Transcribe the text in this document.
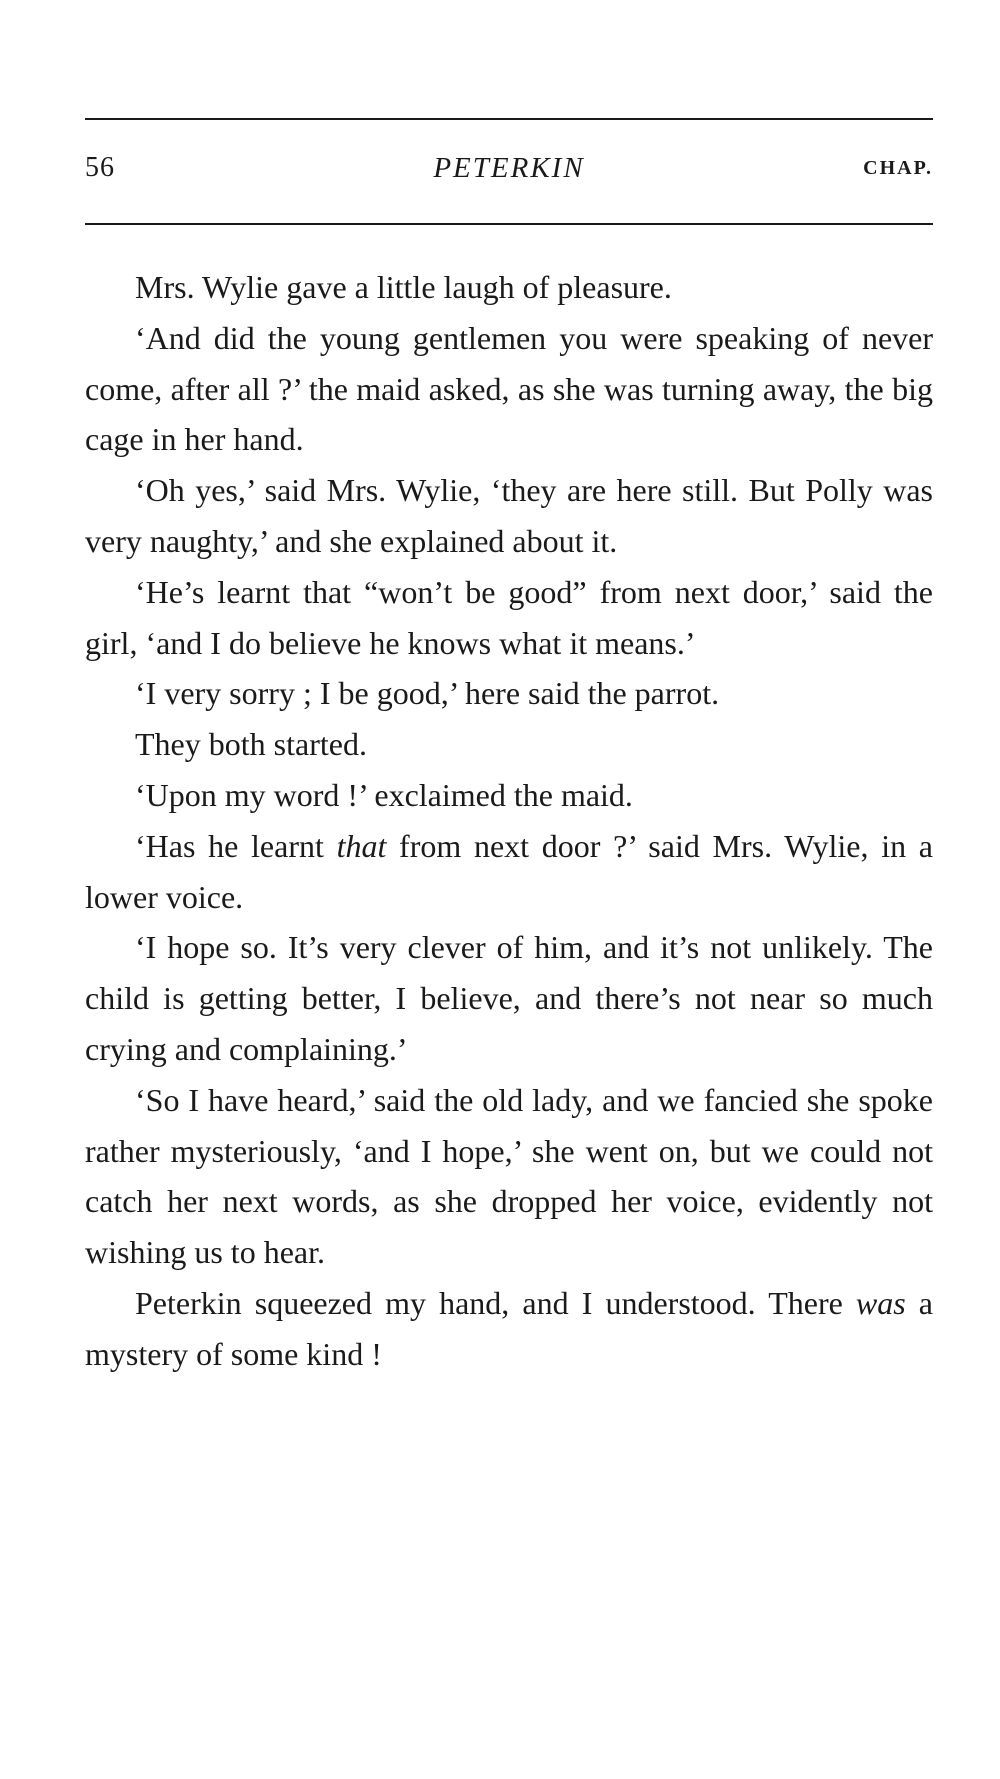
56	PETERKIN	CHAP.

Mrs. Wylie gave a little laugh of pleasure.

‘And did the young gentlemen you were speaking of never come, after all ?’ the maid asked, as she was turning away, the big cage in her hand.

‘Oh yes,’ said Mrs. Wylie, ‘they are here still. But Polly was very naughty,’ and she explained about it.

‘He’s learnt that “won’t be good” from next door,’ said the girl, ‘and I do believe he knows what it means.’

‘I very sorry ; I be good,’ here said the parrot.

They both started.

‘Upon my word !’ exclaimed the maid.

‘Has he learnt that from next door ?’ said Mrs. Wylie, in a lower voice.

‘I hope so. It’s very clever of him, and it’s not unlikely. The child is getting better, I believe, and there’s not near so much crying and complaining.’

‘So I have heard,’ said the old lady, and we fancied she spoke rather mysteriously, ‘and I hope,’ she went on, but we could not catch her next words, as she dropped her voice, evidently not wishing us to hear.

Peterkin squeezed my hand, and I understood. There was a mystery of some kind !
